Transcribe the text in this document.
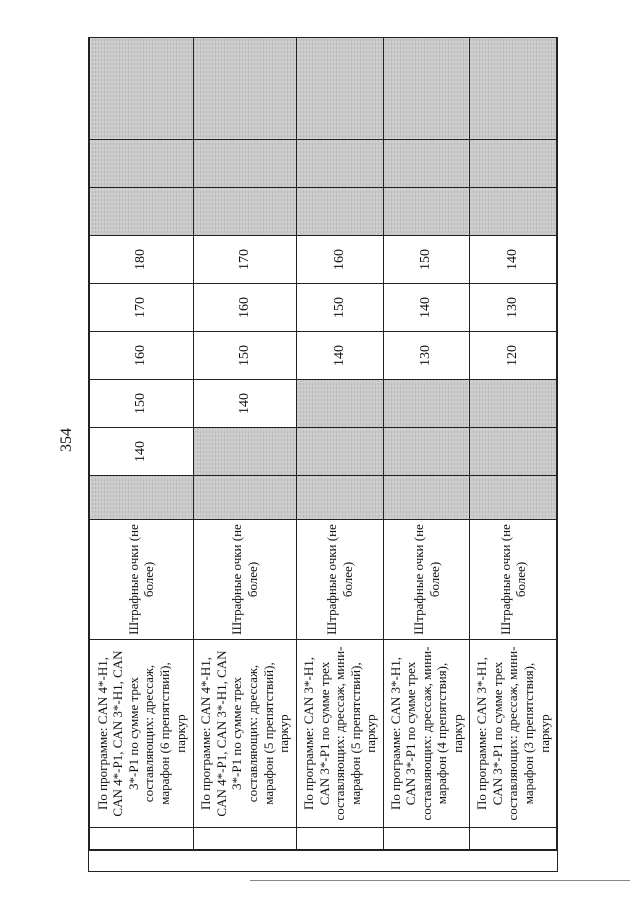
354
	По программе: CAN 4*-H1, CAN 4*-P1, CAN 3*-H1, CAN 3*-P1 по сумме трех составляющих: дрессаж, марафон (6 препятствий), паркур	Штрафные очки (не более)		140	150	160	170	180			
	По программе: CAN 4*-H1, CAN 4*-P1, CAN 3*-H1, CAN 3*-P1 по сумме трех составляющих: дрессаж, марафон (5 препятствий), паркур	Штрафные очки (не более)			140	150	160	170			
	По программе: CAN 3*-H1, CAN 3*-P1 по сумме трех составляющих: дрессаж, мини-марафон (5 препятствий), паркур	Штрафные очки (не более)				140	150	160			
	По программе: CAN 3*-H1, CAN 3*-P1 по сумме трех составляющих: дрессаж, мини-марафон (4 препятствия), паркур	Штрафные очки (не более)				130	140	150			
	По программе: CAN 3*-H1, CAN 3*-P1 по сумме трех составляющих: дрессаж, мини-марафон (3 препятствия), паркур	Штрафные очки (не более)				120	130	140			
